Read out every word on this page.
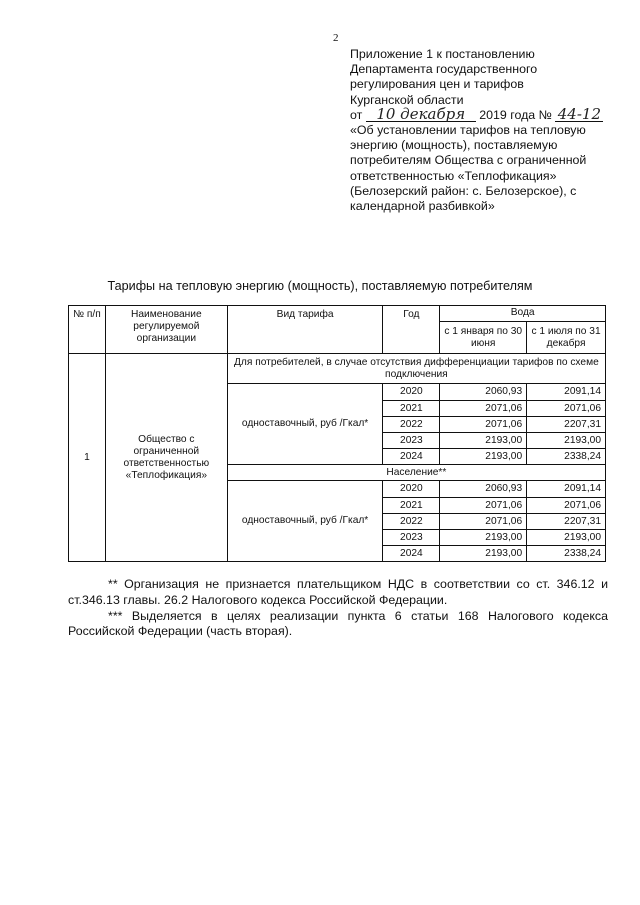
2
Приложение 1 к постановлению
Департамента государственного
регулирования цен и тарифов
Курганской области
от 10 декабря 2019 года № 44-12
«Об установлении тарифов на тепловую
энергию (мощность), поставляемую
потребителям Общества с ограниченной
ответственностью «Теплофикация»
(Белозерский район: с. Белозерское), с
календарной разбивкой»
Тарифы на тепловую энергию (мощность), поставляемую потребителям
№ п/п	Наименование регулируемой организации	Вид тарифа	Год	Вода	
				с 1 января по 30 июня	с 1 июля по 31 декабря
1	Общество с ограниченной ответственностью «Теплофикация»	Для потребителей, в случае отсутствия дифференциации тарифов по схеме подключения			
		одноставочный, руб /Гкал*	2020	2060,93	2091,14
			2021	2071,06	2071,06
			2022	2071,06	2207,31
			2023	2193,00	2193,00
			2024	2193,00	2338,24
		Население**			
		одноставочный, руб /Гкал*	2020	2060,93	2091,14
			2021	2071,06	2071,06
			2022	2071,06	2207,31
			2023	2193,00	2193,00
			2024	2193,00	2338,24

** Организация не признается плательщиком НДС в соответствии со ст. 346.12 и ст.346.13 главы. 26.2 Налогового кодекса Российской Федерации.

*** Выделяется в целях реализации пункта 6 статьи 168 Налогового кодекса Российской Федерации (часть вторая).
